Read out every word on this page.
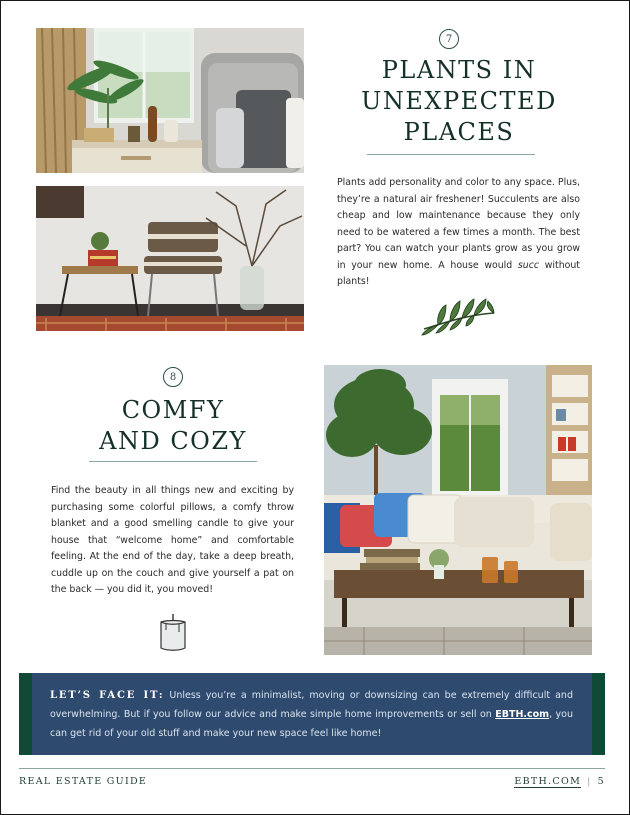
7
PLANTS IN
UNEXPECTED
PLACES

Plants add personality and color to any space. Plus, they’re a natural air freshener! Succulents are also cheap and low maintenance because they only need to be watered a few times a month. The best part? You can watch your plants grow as you grow in your new home. A house would succ without plants!

8
COMFY
AND COZY

Find the beauty in all things new and exciting by purchasing some colorful pillows, a comfy throw blanket and a good smelling candle to give your house that “welcome home” and comfortable feeling. At the end of the day, take a deep breath, cuddle up on the couch and give yourself a pat on the back — you did it, you moved!

LET’S FACE IT: Unless you’re a minimalist, moving or downsizing can be extremely difficult and overwhelming. But if you follow our advice and make simple home improvements or sell on EBTH.com, you can get rid of your old stuff and make your new space feel like home!

REAL ESTATE GUIDE	EBTH.COM | 5
